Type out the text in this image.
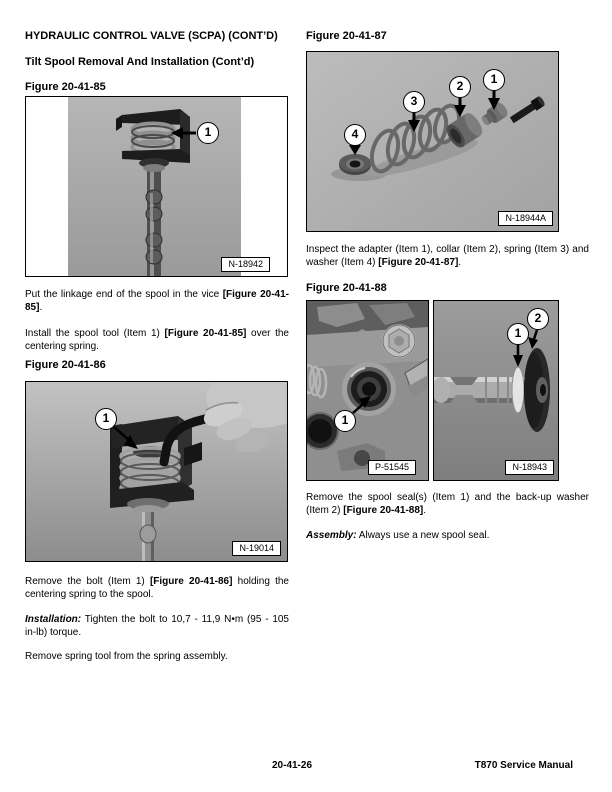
HYDRAULIC CONTROL VALVE (SCPA) (CONT’D)
Tilt Spool Removal And Installation (Cont’d)
Figure 20-41-85
1
N-18942

Put the linkage end of the spool in the vice [Figure 20-41-85].

Install the spool tool (Item 1) [Figure 20-41-85] over the centering spring.

Figure 20-41-86
1
N-19014

Remove the bolt (Item 1) [Figure 20-41-86] holding the centering spring to the spool.

Installation: Tighten the bolt to 10,7 - 11,9 N•m (95 - 105 in-lb) torque.

Remove spring tool from the spring assembly.

Figure 20-41-87
1
2
3
4
N-18944A

Inspect the adapter (Item 1), collar (Item 2), spring (Item 3) and washer (Item 4) [Figure 20-41-87].

Figure 20-41-88
1
P-51545
1
2
N-18943

Remove the spool seal(s) (Item 1) and the back-up washer (Item 2) [Figure 20-41-88].

Assembly: Always use a new spool seal.

20-41-26	T870 Service Manual
